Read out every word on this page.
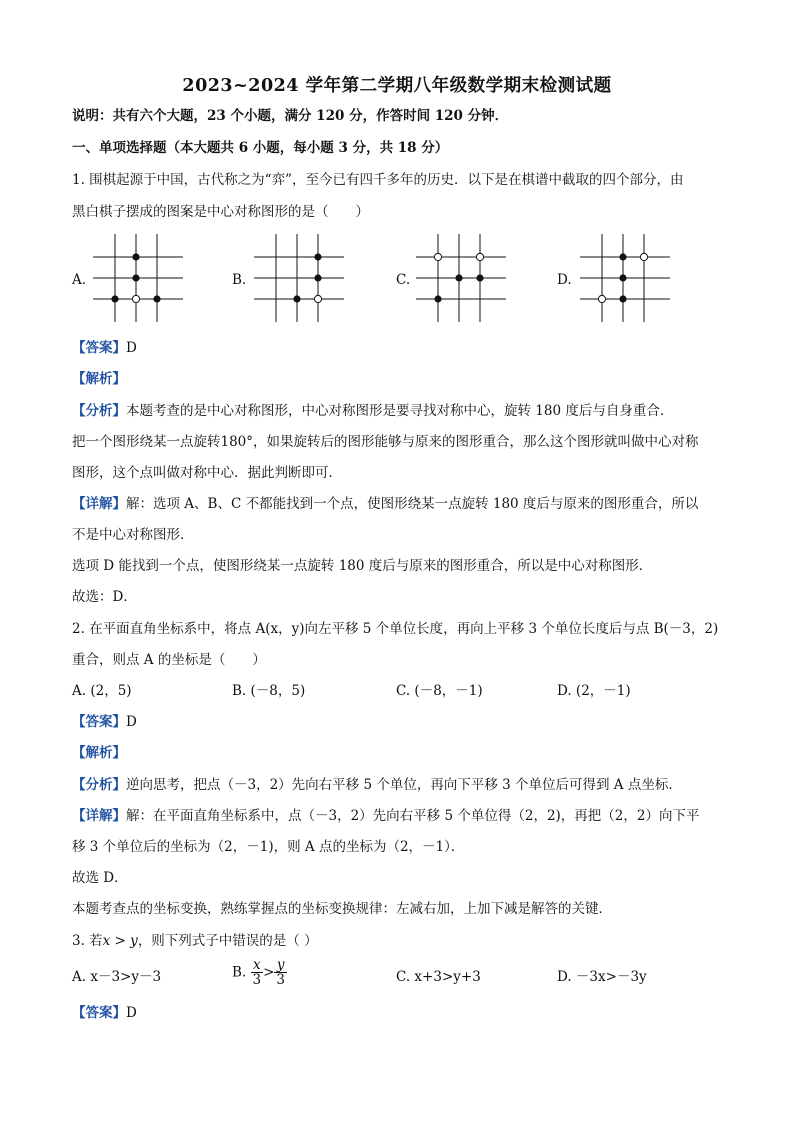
2023~2024 学年第二学期八年级数学期末检测试题
说明：共有六个大题，23 个小题，满分 120 分，作答时间 120 分钟．
一、单项选择题（本大题共 6 小题，每小题 3 分，共 18 分）
1. 围棋起源于中国，古代称之为“弈”，至今已有四千多年的历史．以下是在棋谱中截取的四个部分，由
黑白棋子摆成的图案是中心对称图形的是（　　）
A.	B.	C.	D.
【答案】D
【解析】
【分析】本题考查的是中心对称图形，中心对称图形是要寻找对称中心，旋转 180 度后与自身重合．
把一个图形绕某一点旋转180°，如果旋转后的图形能够与原来的图形重合，那么这个图形就叫做中心对称
图形，这个点叫做对称中心．据此判断即可．
【详解】解：选项 A、B、C 不都能找到一个点，使图形绕某一点旋转 180 度后与原来的图形重合，所以
不是中心对称图形．
选项 D 能找到一个点，使图形绕某一点旋转 180 度后与原来的图形重合，所以是中心对称图形．
故选：D．
2. 在平面直角坐标系中，将点 A(x，y)向左平移 5 个单位长度，再向上平移 3 个单位长度后与点 B(－3，2)
重合，则点 A 的坐标是（　　）
A. (2，5)	B. (－8，5)	C. (－8，－1)	D. (2，－1)
【答案】D
【解析】
【分析】逆向思考，把点（－3，2）先向右平移 5 个单位，再向下平移 3 个单位后可得到 A 点坐标．
【详解】解：在平面直角坐标系中，点（－3，2）先向右平移 5 个单位得（2，2)，再把（2，2）向下平
移 3 个单位后的坐标为（2，－1)，则 A 点的坐标为（2，－1）．
故选 D．
本题考查点的坐标变换，熟练掌握点的坐标变换规律：左减右加，上加下减是解答的关键．
3. 若x > y，则下列式子中错误的是（ ）
A. x－3>y－3	B. $\frac{x}{3} > \frac{y}{3}$	C. x+3>y+3	D. －3x>－3y
【答案】D
